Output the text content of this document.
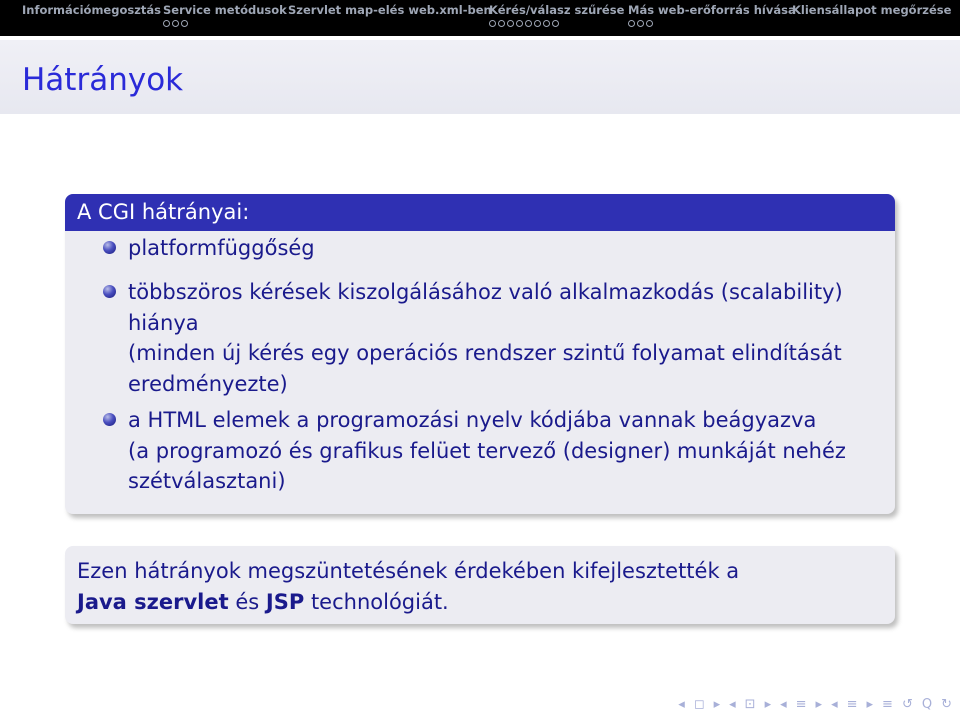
Információmegosztás Service metódusok Szervlet map-elés web.xml-ben
Kérés/válasz szűrése Más web-erőforrás hívása
Kliensállapot megőrzése
Hátrányok
A CGI hátrányai:
platformfüggőség
többszöros kérések kiszolgálásához való alkalmazkodás (scalability)
hiánya
(minden új kérés egy operációs rendszer szintű folyamat elindítását
eredményezte)
a HTML elemek a programozási nyelv kódjába vannak beágyazva
(a programozó és grafikus felüet tervező (designer) munkáját nehéz
szétválasztani)
Ezen hátrányok megszüntetésének érdekében kifejlesztették a
Java szervlet és JSP technológiát.
◂ ◻ ▸ ◂ ⊡ ▸ ◂ ≡ ▸ ◂ ≡ ▸ ≡ ↺ Q ↻
